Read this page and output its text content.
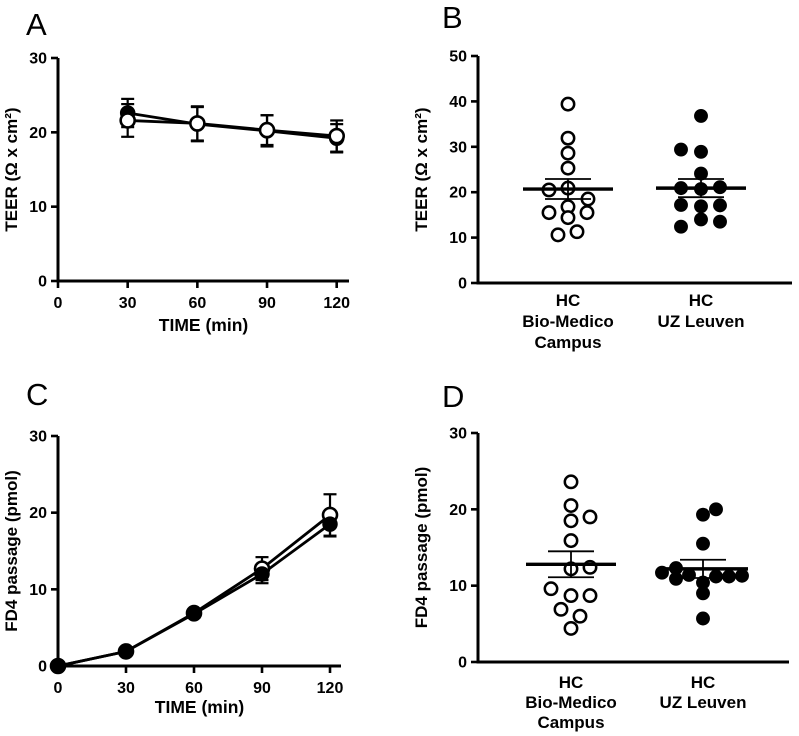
A	B
C	D
0
10
20
30
TEER (Ω x cm²)
0	30	60	90	120
TIME (min)
0
10
20
30
40
50
TEER (Ω x cm²)
HC
Bio-Medico
Campus
HC
UZ Leuven
0
10
20
30
FD4 passage (pmol)
0	30	60	90	120
TIME (min)
0
10
20
30
FD4 passage (pmol)
HC
Bio-Medico
Campus
HC
UZ Leuven
